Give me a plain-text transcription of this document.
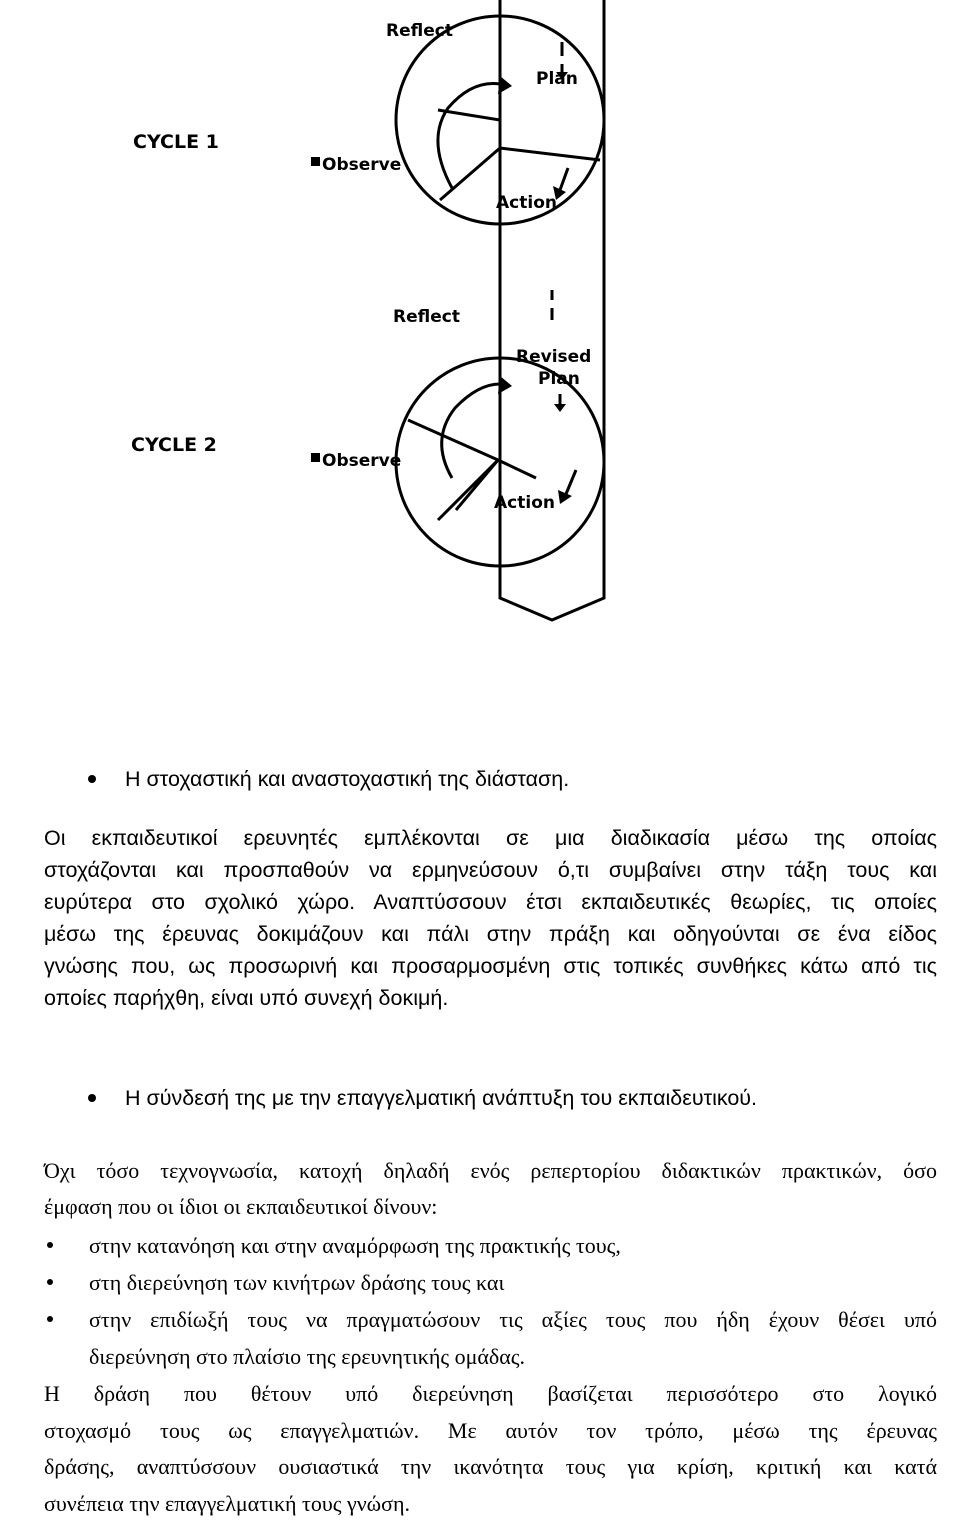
Reflect
Plan
CYCLE 1
Observe
Action
Reflect
Revised
Plan
CYCLE 2
Observe
Action

Η στοχαστική και αναστοχαστική της διάσταση.

Οι εκπαιδευτικοί ερευνητές εμπλέκονται σε μια διαδικασία μέσω της οποίας

στοχάζονται και προσπαθούν να ερμηνεύσουν ό,τι συμβαίνει στην τάξη τους και

ευρύτερα στο σχολικό χώρο. Αναπτύσσουν έτσι εκπαιδευτικές θεωρίες, τις οποίες

μέσω της έρευνας δοκιμάζουν και πάλι στην πράξη και οδηγούνται σε ένα είδος

γνώσης που, ως προσωρινή και προσαρμοσμένη στις τοπικές συνθήκες κάτω από τις

οποίες παρήχθη, είναι υπό συνεχή δοκιμή.

Η σύνδεσή της με την επαγγελματική ανάπτυξη του εκπαιδευτικού.

Όχι τόσο τεχνογνωσία, κατοχή δηλαδή ενός ρεπερτορίου διδακτικών πρακτικών, όσο

έμφαση που οι ίδιοι οι εκπαιδευτικοί δίνουν:

στην κατανόηση και στην αναμόρφωση της πρακτικής τους,

στη διερεύνηση των κινήτρων δράσης τους και

στην επιδίωξή τους να πραγματώσουν τις αξίες τους που ήδη έχουν θέσει υπό

διερεύνηση στο πλαίσιο της ερευνητικής ομάδας.

Η δράση που θέτουν υπό διερεύνηση βασίζεται περισσότερο στο λογικό

στοχασμό τους ως επαγγελματιών. Με αυτόν τον τρόπο, μέσω της έρευνας

δράσης, αναπτύσσουν ουσιαστικά την ικανότητα τους για κρίση, κριτική και κατά

συνέπεια την επαγγελματική τους γνώση.
